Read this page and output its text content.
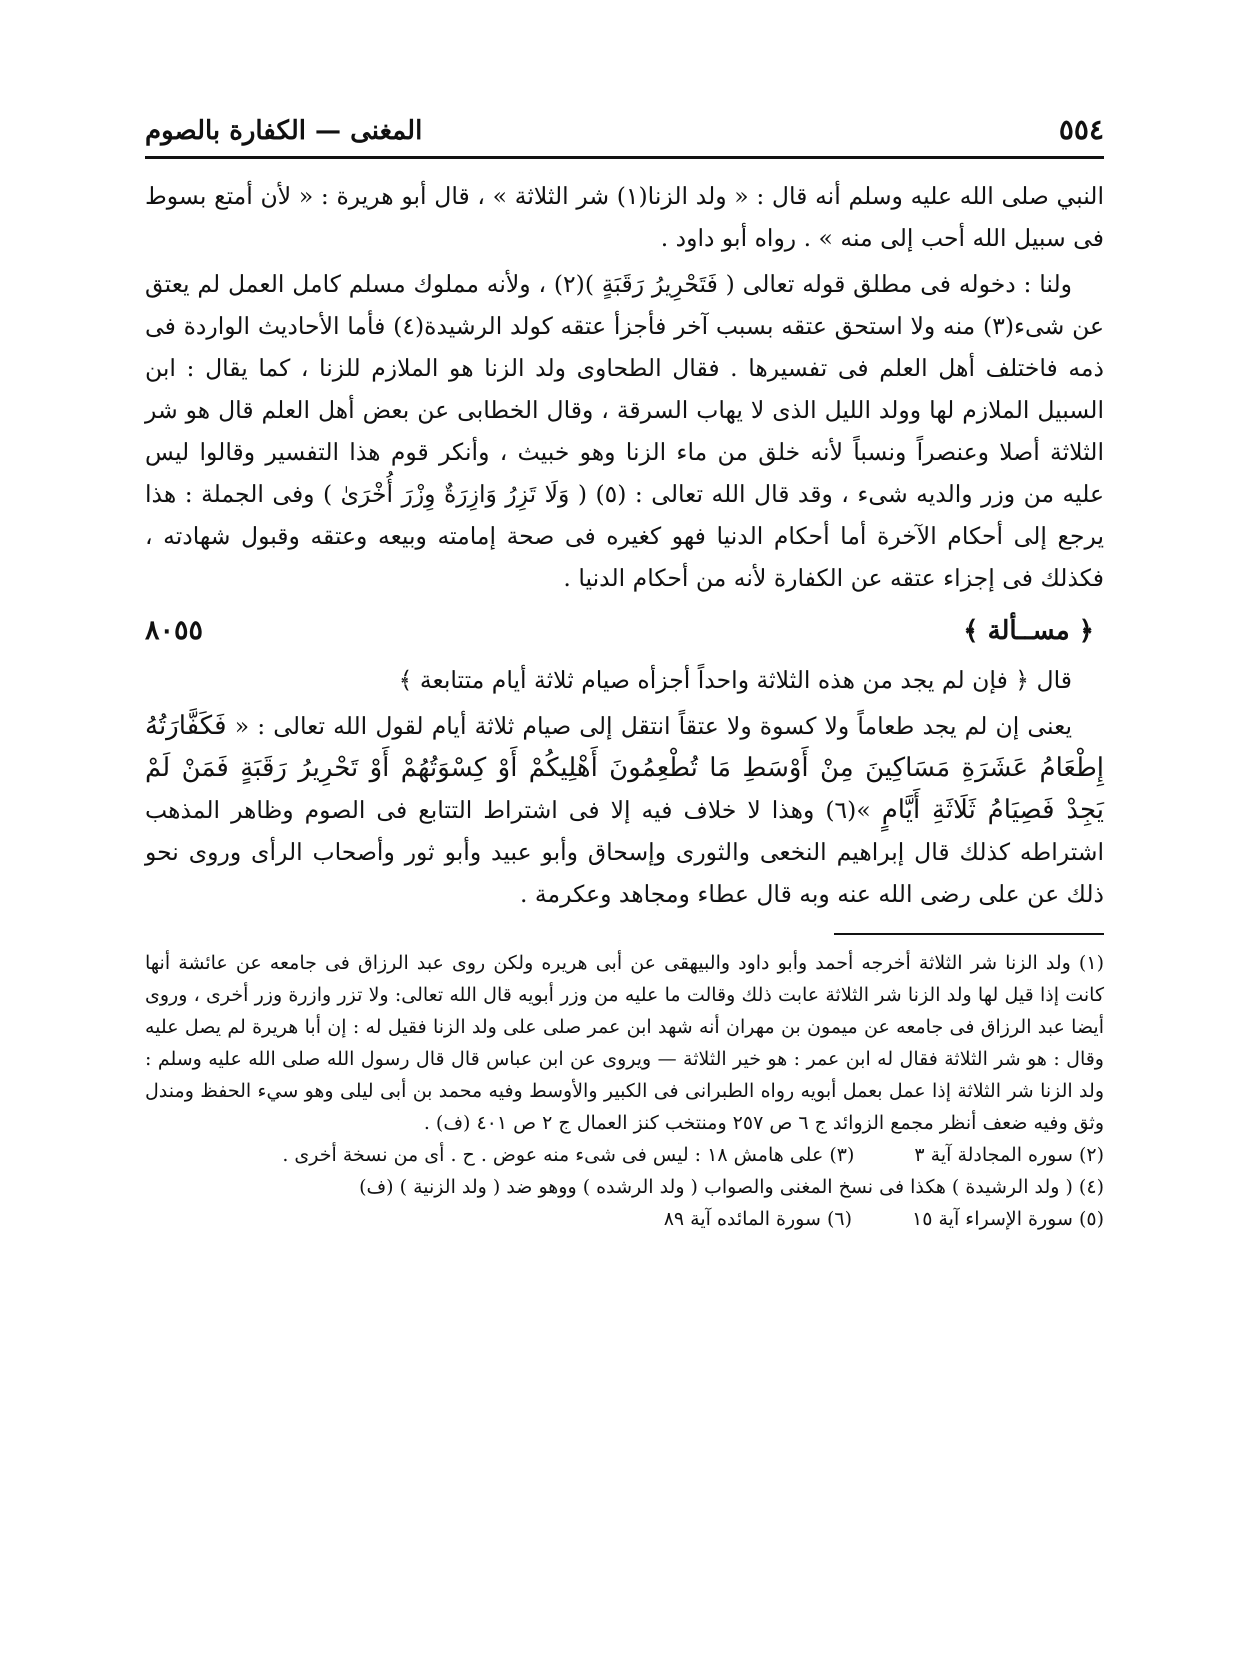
٥٥٤
المغنى — الكفارة بالصوم

النبي صلى الله عليه وسلم أنه قال : « ولد الزنا(١) شر الثلاثة » ، قال أبو هريرة : « لأن أمتع بسوط فى سبيل الله أحب إلى منه » . رواه أبو داود .

ولنا : دخوله فى مطلق قوله تعالى ( فَتَحْرِيرُ رَقَبَةٍ )(٢) ، ولأنه مملوك مسلم كامل العمل لم يعتق عن شىء(٣) منه ولا استحق عتقه بسبب آخر فأجزأ عتقه كولد الرشيدة(٤) فأما الأحاديث الواردة فى ذمه فاختلف أهل العلم فى تفسيرها . فقال الطحاوى ولد الزنا هو الملازم للزنا ، كما يقال : ابن السبيل الملازم لها وولد الليل الذى لا يهاب السرقة ، وقال الخطابى عن بعض أهل العلم قال هو شر الثلاثة أصلا وعنصراً ونسباً لأنه خلق من ماء الزنا وهو خبيث ، وأنكر قوم هذا التفسير وقالوا ليس عليه من وزر والديه شىء ، وقد قال الله تعالى : (٥) ( وَلَا تَزِرُ وَازِرَةٌ وِزْرَ أُخْرَىٰ ) وفى الجملة : هذا يرجع إلى أحكام الآخرة أما أحكام الدنيا فهو كغيره فى صحة إمامته وبيعه وعتقه وقبول شهادته ، فكذلك فى إجزاء عتقه عن الكفارة لأنه من أحكام الدنيا .

٨٠٥٥	﴿ مســألة ﴾

قال ﴿ فإن لم يجد من هذه الثلاثة واحداً أجزأه صيام ثلاثة أيام متتابعة ﴾

يعنى إن لم يجد طعاماً ولا كسوة ولا عتقاً انتقل إلى صيام ثلاثة أيام لقول الله تعالى : « فَكَفَّارَتُهُ إِطْعَامُ عَشَرَةِ مَسَاكِينَ مِنْ أَوْسَطِ مَا تُطْعِمُونَ أَهْلِيكُمْ أَوْ كِسْوَتُهُمْ أَوْ تَحْرِيرُ رَقَبَةٍ فَمَنْ لَمْ يَجِدْ فَصِيَامُ ثَلَاثَةِ أَيَّامٍ »(٦) وهذا لا خلاف فيه إلا فى اشتراط التتابع فى الصوم وظاهر المذهب اشتراطه كذلك قال إبراهيم النخعى والثورى وإسحاق وأبو عبيد وأبو ثور وأصحاب الرأى وروى نحو ذلك عن على رضى الله عنه وبه قال عطاء ومجاهد وعكرمة .

(١) ولد الزنا شر الثلاثة أخرجه أحمد وأبو داود والبيهقى عن أبى هريره ولكن روى عبد الرزاق فى جامعه عن عائشة أنها كانت إذا قيل لها ولد الزنا شر الثلاثة عابت ذلك وقالت ما عليه من وزر أبويه قال الله تعالى: ولا تزر وازرة وزر أخرى ، وروى أيضا عبد الرزاق فى جامعه عن ميمون بن مهران أنه شهد ابن عمر صلى على ولد الزنا فقيل له : إن أبا هريرة لم يصل عليه وقال : هو شر الثلاثة فقال له ابن عمر : هو خير الثلاثة — ويروى عن ابن عباس قال قال رسول الله صلى الله عليه وسلم : ولد الزنا شر الثلاثة إذا عمل بعمل أبويه رواه الطبرانى فى الكبير والأوسط وفيه محمد بن أبى ليلى وهو سيء الحفظ ومندل وثق وفيه ضعف أنظر مجمع الزوائد ج ٦ ص ٢٥٧ ومنتخب كنز العمال ج ٢ ص ٤٠١ (ف) .

(٢) سوره المجادلة آية ٣
(٣) على هامش ١٨ : ليس فى شىء منه عوض . ح . أى من نسخة أخرى .

(٤) ( ولد الرشيدة ) هكذا فى نسخ المغنى والصواب ( ولد الرشده ) ووهو ضد ( ولد الزنية ) (ف)

(٥) سورة الإسراء آية ١٥
(٦) سورة المائده آية ٨٩
